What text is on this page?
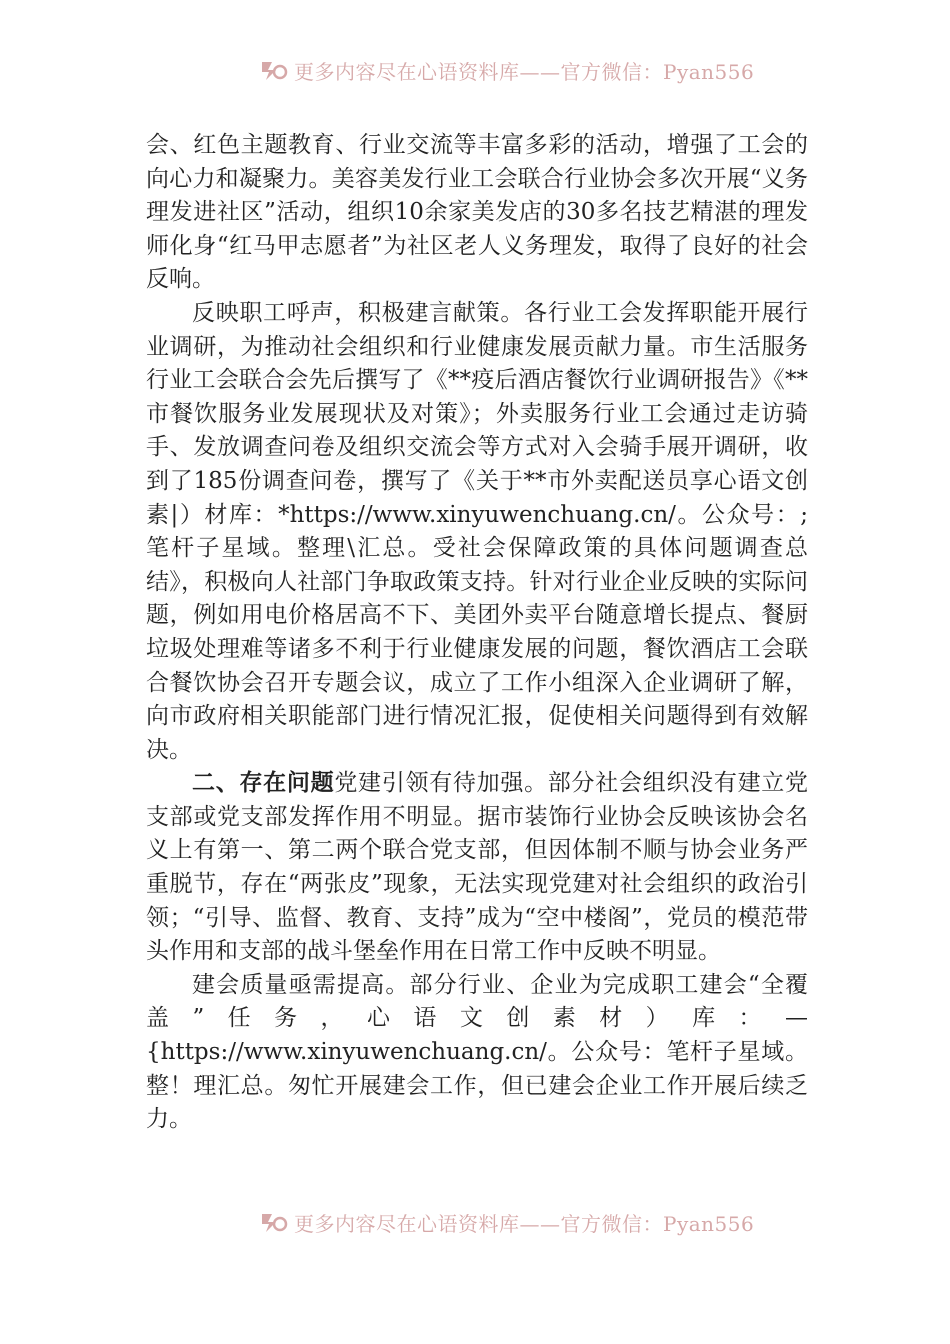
更多内容尽在心语资料库——官方微信：Pyan556

会、红色主题教育、行业交流等丰富多彩的活动，增强了工会的向心力和凝聚力。美容美发行业工会联合行业协会多次开展“义务理发进社区”活动，组织10余家美发店的30多名技艺精湛的理发师化身“红马甲志愿者”为社区老人义务理发，取得了良好的社会反响。

反映职工呼声，积极建言献策。各行业工会发挥职能开展行业调研，为推动社会组织和行业健康发展贡献力量。市生活服务行业工会联合会先后撰写了《**疫后酒店餐饮行业调研报告》《**市餐饮服务业发展现状及对策》；外卖服务行业工会通过走访骑手、发放调查问卷及组织交流会等方式对入会骑手展开调研，收到了185份调查问卷，撰写了《关于**市外卖配送员享心语文创素|）材库：*https://www.xinyuwenchuang.cn/。公众号：;笔杆子星域。整理\汇总。受社会保障政策的具体问题调查总结》，积极向人社部门争取政策支持。针对行业企业反映的实际问题，例如用电价格居高不下、美团外卖平台随意增长提点、餐厨垃圾处理难等诸多不利于行业健康发展的问题，餐饮酒店工会联合餐饮协会召开专题会议，成立了工作小组深入企业调研了解，向市政府相关职能部门进行情况汇报，促使相关问题得到有效解决。

二、存在问题党建引领有待加强。部分社会组织没有建立党支部或党支部发挥作用不明显。据市装饰行业协会反映该协会名义上有第一、第二两个联合党支部，但因体制不顺与协会业务严重脱节，存在“两张皮”现象，无法实现党建对社会组织的政治引领；“引导、监督、教育、支持”成为“空中楼阁”，党员的模范带头作用和支部的战斗堡垒作用在日常工作中反映不明显。

建会质量亟需提高。部分行业、企业为完成职工建会“全覆盖”任务，心语文创素材）库：—{https://www.xinyuwenchuang.cn/。公众号：笔杆子星域。整！理汇总。匆忙开展建会工作，但已建会企业工作开展后续乏力。

更多内容尽在心语资料库——官方微信：Pyan556
